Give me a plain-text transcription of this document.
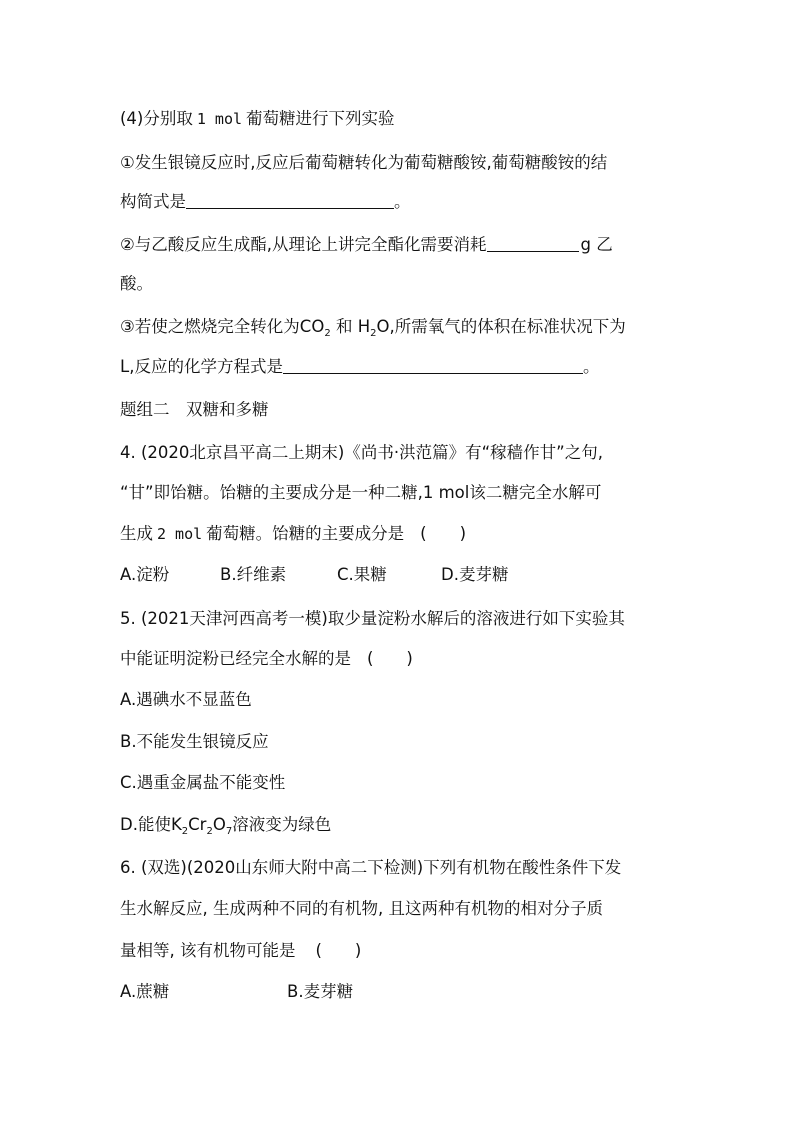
(4)分别取 1 mol 葡萄糖进行下列实验
①发生银镜反应时,反应后葡萄糖转化为葡萄糖酸铵,葡萄糖酸铵的结
构简式是	。
②与乙酸反应生成酯,从理论上讲完全酯化需要消耗	g 乙
酸。
③若使之燃烧完全转化为$CO_2$ 和 $H_2O$,所需氧气的体积在标准状况下为
L,反应的化学方程式是	。
题组二　双糖和多糖
4. (2020北京昌平高二上期末)《尚书·洪范篇》有“稼穑作甘”之句,
“甘”即饴糖。饴糖的主要成分是一种二糖,1 mol该二糖完全水解可
生成 2 mol 葡萄糖。饴糖的主要成分是 (　　)
A.淀粉	B.纤维素	C.果糖	D.麦芽糖
5. (2021天津河西高考一模)取少量淀粉水解后的溶液进行如下实验其
中能证明淀粉已经完全水解的是 (　　)
A.遇碘水不显蓝色
B.不能发生银镜反应
C.遇重金属盐不能变性
D.能使$K_2Cr_2O_7$溶液变为绿色
6. (双选)(2020山东师大附中高二下检测)下列有机物在酸性条件下发
生水解反应, 生成两种不同的有机物, 且这两种有机物的相对分子质
量相等, 该有机物可能是 (　　)
A.蔗糖	B.麦芽糖
